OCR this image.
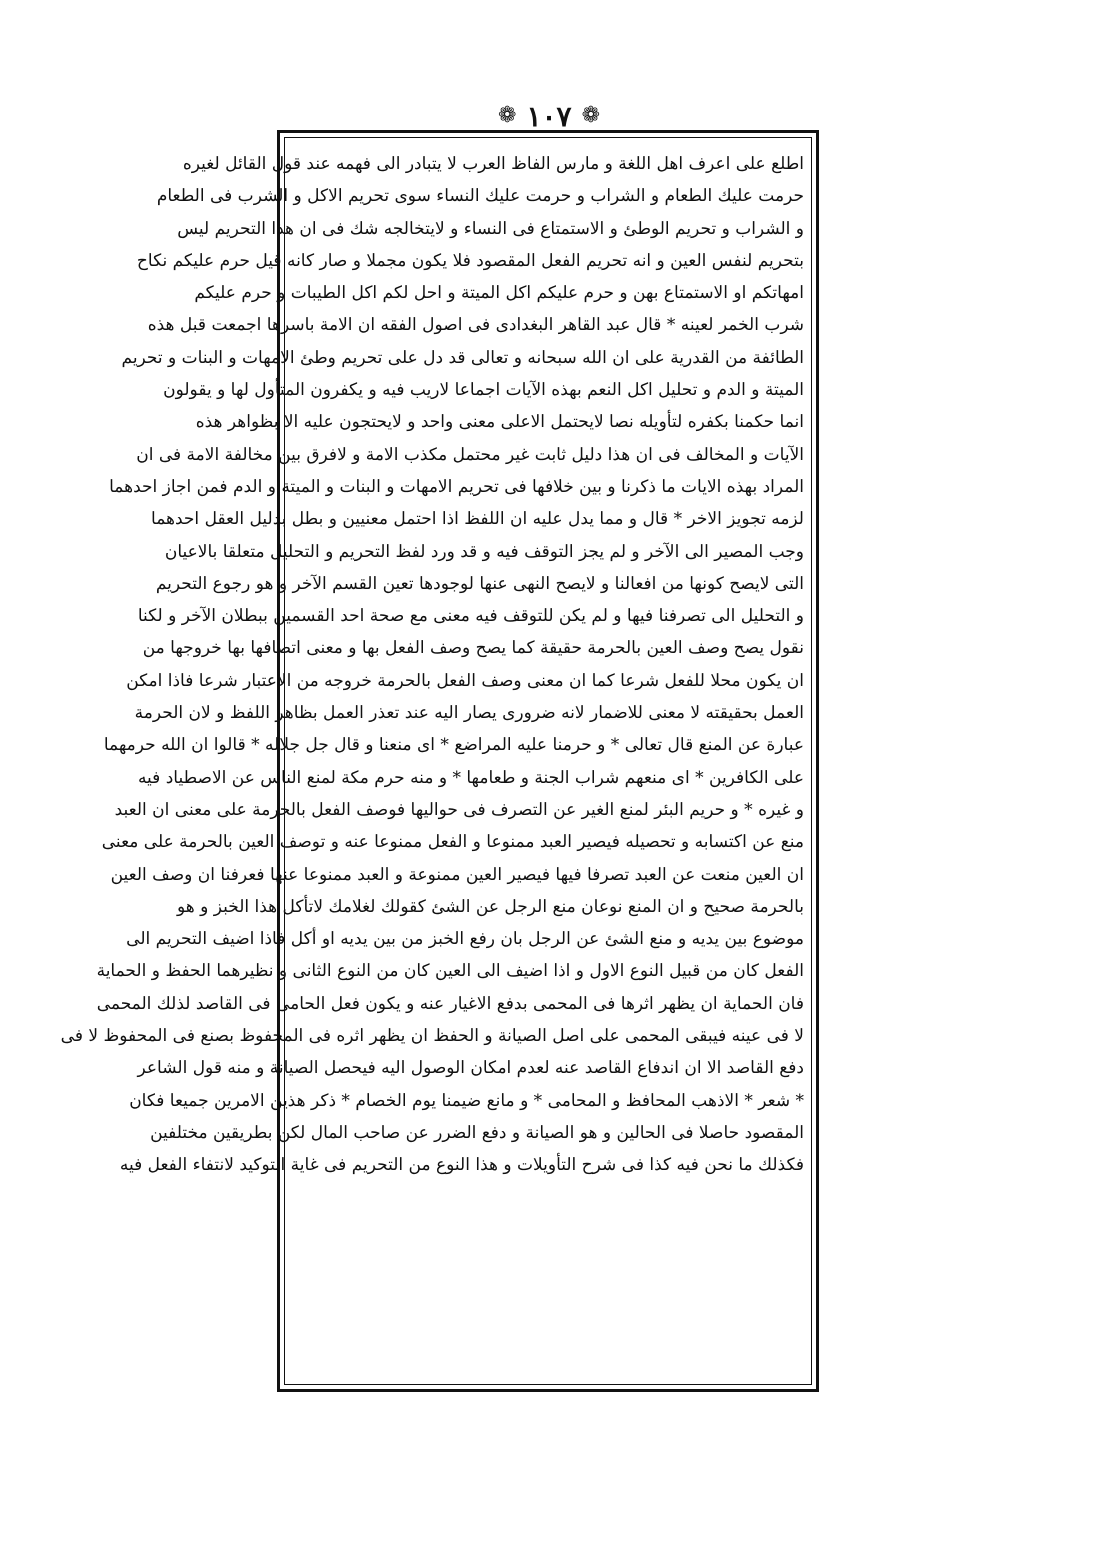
❁ ١٠٧ ❁
اطلع على اعرف اهل اللغة و مارس الفاظ العرب لا يتبادر الى فهمه عند قول القائل لغيره
حرمت عليك الطعام و الشراب و حرمت عليك النساء سوى تحريم الاكل و الشرب فى الطعام
و الشراب و تحريم الوطئ و الاستمتاع فى النساء و لايتخالجه شك فى ان هذا التحريم ليس
بتحريم لنفس العين و انه تحريم الفعل المقصود فلا يكون مجملا و صار كانه قيل حرم عليكم نكاح
امهاتكم او الاستمتاع بهن و حرم عليكم اكل الميتة و احل لكم اكل الطيبات و حرم عليكم
شرب الخمر لعينه * قال عبد القاهر البغدادى فى اصول الفقه ان الامة باسرها اجمعت قبل هذه
الطائفة من القدرية على ان الله سبحانه و تعالى قد دل على تحريم وطئ الامهات و البنات و تحريم
الميتة و الدم و تحليل اكل النعم بهذه الآيات اجماعا لاريب فيه و يكفرون المتأول لها و يقولون
انما حكمنا بكفره لتأويله نصا لايحتمل الاعلى معنى واحد و لايحتجون عليه الا بظواهر هذه
الآيات و المخالف فى ان هذا دليل ثابت غير محتمل مكذب الامة و لافرق بين مخالفة الامة فى ان
المراد بهذه الايات ما ذكرنا و بين خلافها فى تحريم الامهات و البنات و الميتة و الدم فمن اجاز احدهما
لزمه تجويز الاخر * قال و مما يدل عليه ان اللفظ اذا احتمل معنيين و بطل بدليل العقل احدهما
وجب المصير الى الآخر و لم يجز التوقف فيه و قد ورد لفظ التحريم و التحليل متعلقا بالاعيان
التى لايصح كونها من افعالنا و لايصح النهى عنها لوجودها تعين القسم الآخر و هو رجوع التحريم
و التحليل الى تصرفنا فيها و لم يكن للتوقف فيه معنى مع صحة احد القسمين ببطلان الآخر و لكنا
نقول يصح وصف العين بالحرمة حقيقة كما يصح وصف الفعل بها و معنى اتصافها بها خروجها من
ان يكون محلا للفعل شرعا كما ان معنى وصف الفعل بالحرمة خروجه من الاعتبار شرعا فاذا امكن
العمل بحقيقته لا معنى للاضمار لانه ضرورى يصار اليه عند تعذر العمل بظاهر اللفظ و لان الحرمة
عبارة عن المنع قال تعالى * و حرمنا عليه المراضع * اى منعنا و قال جل جلاله * قالوا ان الله حرمهما
على الكافرين * اى منعهم شراب الجنة و طعامها * و منه حرم مكة لمنع الناس عن الاصطياد فيه
و غيره * و حريم البئر لمنع الغير عن التصرف فى حواليها فوصف الفعل بالحرمة على معنى ان العبد
منع عن اكتسابه و تحصيله فيصير العبد ممنوعا و الفعل ممنوعا عنه و توصف العين بالحرمة على معنى
ان العين منعت عن العبد تصرفا فيها فيصير العين ممنوعة و العبد ممنوعا عنها فعرفنا ان وصف العين
بالحرمة صحيح و ان المنع نوعان منع الرجل عن الشئ كقولك لغلامك لاتأكل هذا الخبز و هو
موضوع بين يديه و منع الشئ عن الرجل بان رفع الخبز من بين يديه او أكل فاذا اضيف التحريم الى
الفعل كان من قبيل النوع الاول و اذا اضيف الى العين كان من النوع الثانى و نظيرهما الحفظ و الحماية
فان الحماية ان يظهر اثرها فى المحمى بدفع الاغيار عنه و يكون فعل الحامى فى القاصد لذلك المحمى
لا فى عينه فيبقى المحمى على اصل الصيانة و الحفظ ان يظهر اثره فى المحفوظ بصنع فى المحفوظ لا فى
دفع القاصد الا ان اندفاع القاصد عنه لعدم امكان الوصول اليه فيحصل الصيانة و منه قول الشاعر
* شعر * الاذهب المحافظ و المحامى * و مانع ضيمنا يوم الخصام * ذكر هذين الامرين جميعا فكان
المقصود حاصلا فى الحالين و هو الصيانة و دفع الضرر عن صاحب المال لكن بطريقين مختلفين
فكذلك ما نحن فيه كذا فى شرح التأويلات و هذا النوع من التحريم فى غاية التوكيد لانتفاء الفعل فيه
